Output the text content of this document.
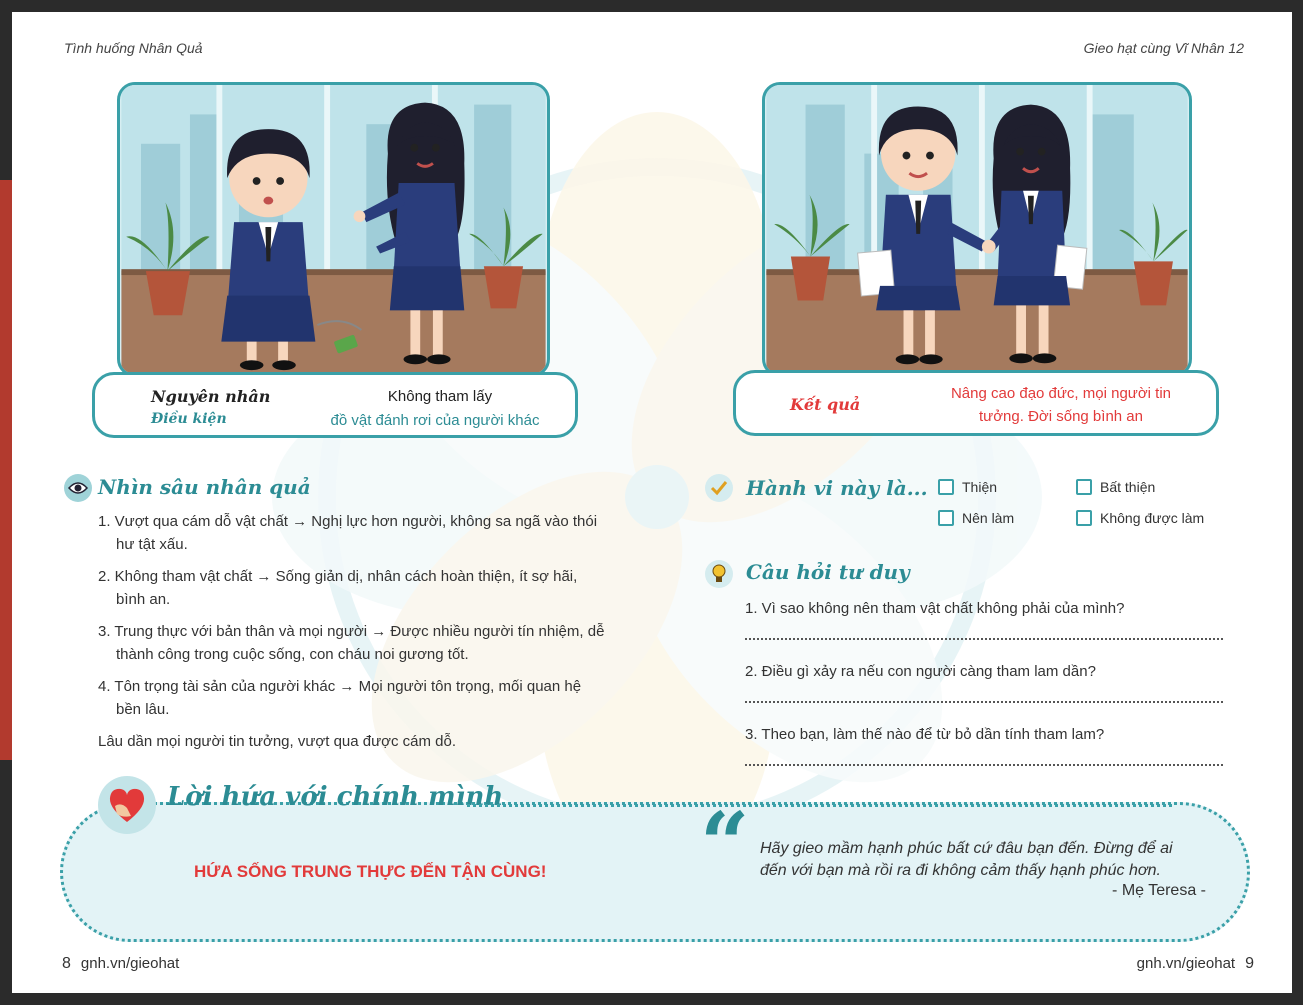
Tình huống Nhân Quả	Gieo hạt cùng Vĩ Nhân 12
Nguyên nhân
Điều kiện
Không tham lấy
đồ vật đánh rơi của người khác
Kết quả
Nâng cao đạo đức, mọi người tin
tưởng. Đời sống bình an
Nhìn sâu nhân quả
1. Vượt qua cám dỗ vật chất → Nghị lực hơn người, không sa ngã vào thói hư tật xấu.
2. Không tham vật chất → Sống giản dị, nhân cách hoàn thiện, ít sợ hãi, bình an.
3. Trung thực với bản thân và mọi người → Được nhiều người tín nhiệm, dễ thành công trong cuộc sống, con cháu noi gương tốt.
4. Tôn trọng tài sản của người khác → Mọi người tôn trọng, mối quan hệ bền lâu.
Lâu dần mọi người tin tưởng, vượt qua được cám dỗ.
Hành vi này là... Thiện	Bất thiện
Nên làm	Không được làm
Câu hỏi tư duy
1. Vì sao không nên tham vật chất không phải của mình?
2. Điều gì xảy ra nếu con người càng tham lam dần?
3. Theo bạn, làm thế nào để từ bỏ dần tính tham lam?
Lời hứa với chính mình
HỨA SỐNG TRUNG THỰC ĐẾN TẬN CÙNG! “ Hãy gieo mầm hạnh phúc bất cứ đâu bạn đến. Đừng để ai đến với bạn mà rồi ra đi không cảm thấy hạnh phúc hơn.
- Mẹ Teresa -
8 gnh.vn/gieohat	gnh.vn/gieohat 9
